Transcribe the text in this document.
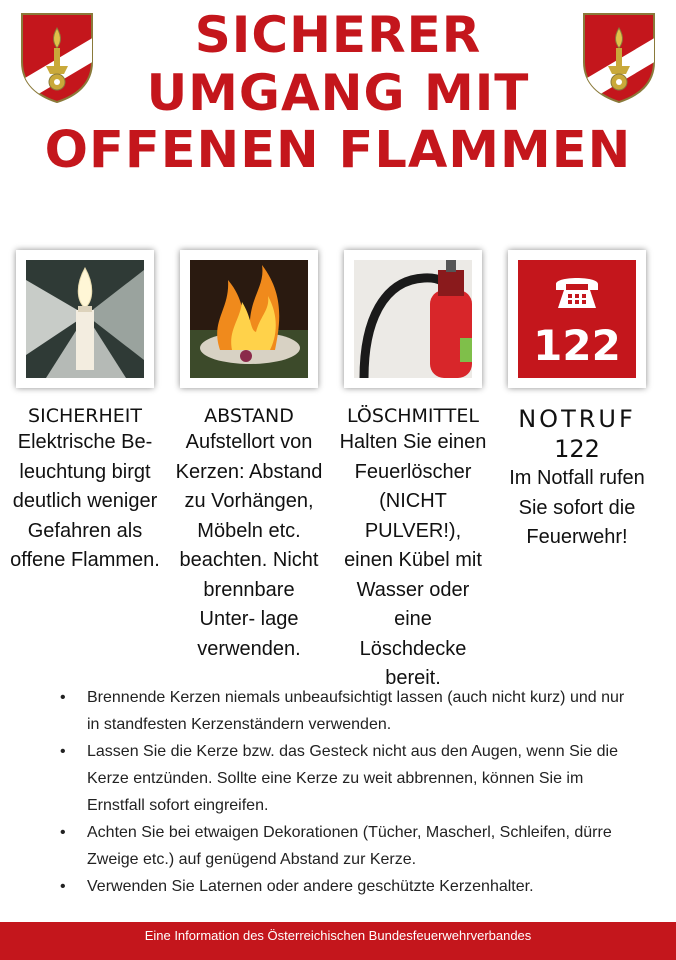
SICHERER
UMGANG MIT
OFFENEN FLAMMEN
122
SICHERHEIT
Elektrische Be- leuchtung birgt deutlich weniger Gefahren als offene Flammen.
ABSTAND
Aufstellort von Kerzen: Abstand zu Vorhängen, Möbeln etc. beachten. Nicht brennbare Unter- lage verwenden.
LÖSCHMITTEL
Halten Sie einen Feuerlöscher (NICHT PULVER!), einen Kübel mit Wasser oder eine Löschdecke bereit.
NOTRUF
122
Im Notfall rufen Sie sofort die Feuerwehr!
• Brennende Kerzen niemals unbeaufsichtigt lassen (auch nicht kurz) und nur in standfesten Kerzenständern verwenden.
• Lassen Sie die Kerze bzw. das Gesteck nicht aus den Augen, wenn Sie die Kerze entzünden. Sollte eine Kerze zu weit abbrennen, können Sie im Ernstfall sofort eingreifen.
• Achten Sie bei etwaigen Dekorationen (Tücher, Mascherl, Schleifen, dürre Zweige etc.) auf genügend Abstand zur Kerze.
• Verwenden Sie Laternen oder andere geschützte Kerzenhalter.
Eine Information des Österreichischen Bundesfeuerwehrverbandes
